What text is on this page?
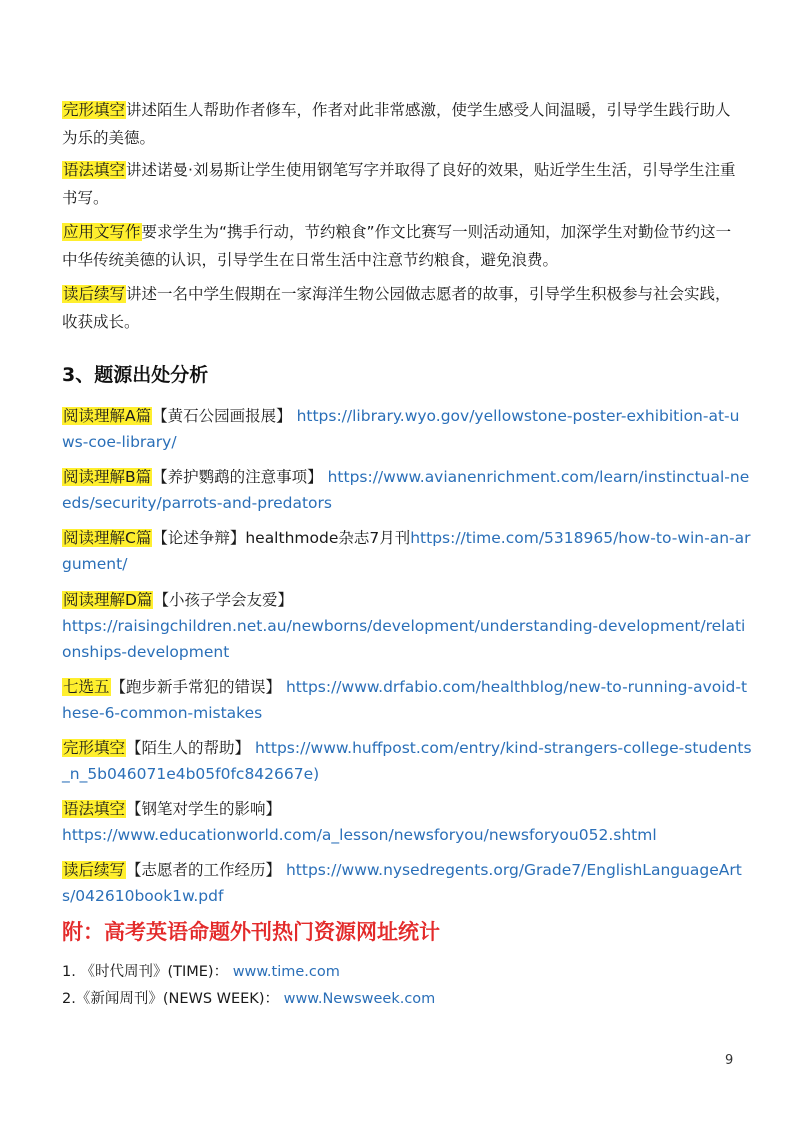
完形填空讲述陌生人帮助作者修车，作者对此非常感激，使学生感受人间温暖，引导学生践行助人为乐的美德。

语法填空讲述诺曼·刘易斯让学生使用钢笔写字并取得了良好的效果，贴近学生生活，引导学生注重书写。

应用文写作要求学生为“携手行动，节约粮食”作文比赛写一则活动通知，加深学生对勤俭节约这一中华传统美德的认识，引导学生在日常生活中注意节约粮食，避免浪费。

读后续写讲述一名中学生假期在一家海洋生物公园做志愿者的故事，引导学生积极参与社会实践，收获成长。

3、题源出处分析

阅读理解A篇【黄石公园画报展】 https://library.wyo.gov/yellowstone-poster-exhibition-at-uws-coe-library/

阅读理解B篇【养护鹦鹉的注意事项】 https://www.avianenrichment.com/learn/instinctual-needs/security/parrots-and-predators

阅读理解C篇【论述争辩】healthmode杂志7月刊https://time.com/5318965/how-to-win-an-argument/

阅读理解D篇【小孩子学会友爱】
https://raisingchildren.net.au/newborns/development/understanding-development/relationships-development

七选五【跑步新手常犯的错误】 https://www.drfabio.com/healthblog/new-to-running-avoid-these-6-common-mistakes

完形填空【陌生人的帮助】 https://www.huffpost.com/entry/kind-strangers-college-students_n_5b046071e4b05f0fc842667e)

语法填空【钢笔对学生的影响】
https://www.educationworld.com/a_lesson/newsforyou/newsforyou052.shtml

读后续写【志愿者的工作经历】 https://www.nysedregents.org/Grade7/EnglishLanguageArts/042610book1w.pdf

附：高考英语命题外刊热门资源网址统计

1. 《时代周刊》(TIME)： www.time.com

2.《新闻周刊》(NEWS WEEK)： www.Newsweek.com

9
